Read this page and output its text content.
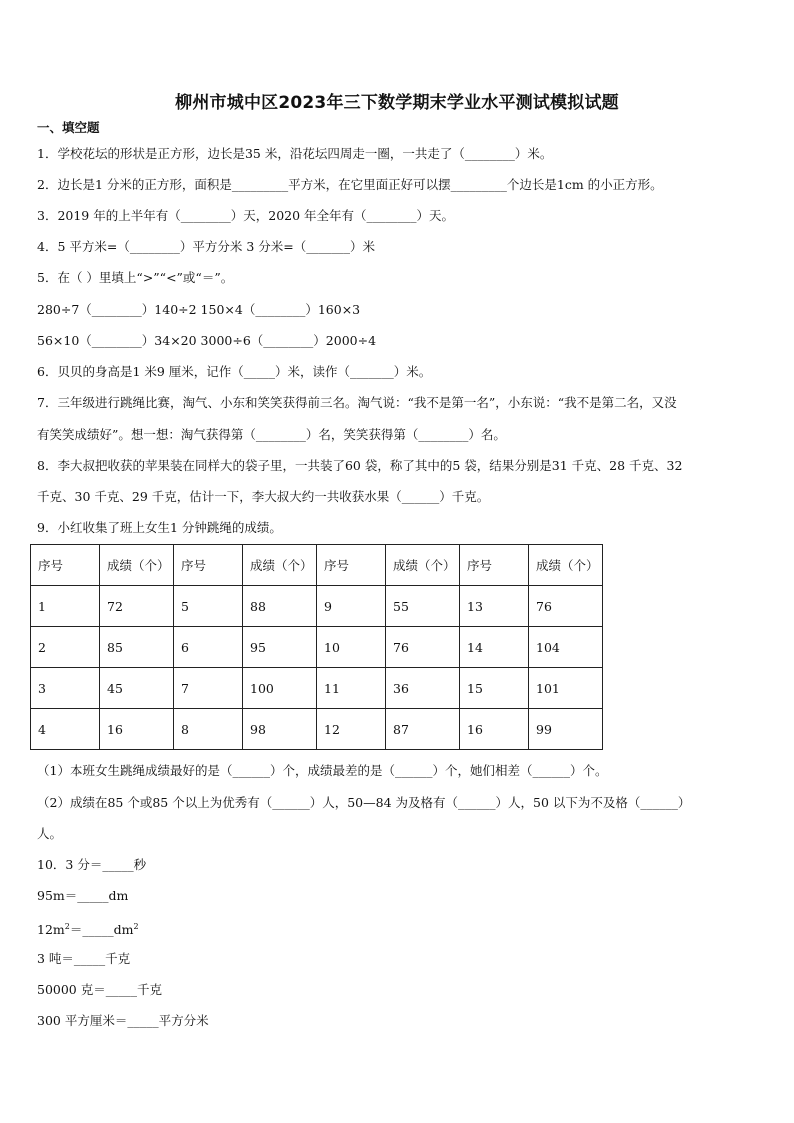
柳州市城中区2023年三下数学期末学业水平测试模拟试题
一、填空题
1．学校花坛的形状是正方形，边长是35 米，沿花坛四周走一圈，一共走了（________）米。
2．边长是1 分米的正方形，面积是_________平方米，在它里面正好可以摆_________个边长是1cm 的小正方形。
3．2019 年的上半年有（________）天，2020 年全年有（________）天。
4．5 平方米=（________）平方分米 3 分米=（_______）米
5．在（ ）里填上“>”“<”或“＝”。
280÷7（________）140÷2 150×4（________）160×3
56×10（________）34×20 3000÷6（________）2000÷4
6．贝贝的身高是1 米9 厘米，记作（_____）米，读作（_______）米。
7．三年级进行跳绳比赛，淘气、小东和笑笑获得前三名。淘气说：“我不是第一名”，小东说：“我不是第二名，又没
有笑笑成绩好”。想一想：淘气获得第（________）名，笑笑获得第（________）名。
8．李大叔把收获的苹果装在同样大的袋子里，一共装了60 袋，称了其中的5 袋，结果分别是31 千克、28 千克、32
千克、30 千克、29 千克，估计一下，李大叔大约一共收获水果（______）千克。
9．小红收集了班上女生1 分钟跳绳的成绩。
序号	成绩（个）	序号	成绩（个）	序号	成绩（个）	序号	成绩（个）
1	72	5	88	9	55	13	76
2	85	6	95	10	76	14	104
3	45	7	100	11	36	15	101
4	16	8	98	12	87	16	99
（1）本班女生跳绳成绩最好的是（______）个，成绩最差的是（______）个，她们相差（______）个。
（2）成绩在85 个或85 个以上为优秀有（______）人，50—84 为及格有（______）人，50 以下为不及格（______）
人。
10．3 分＝_____秒
95m＝_____dm
$12m^2=\_\_\_\_\_dm^2$
3 吨＝_____千克
50000 克＝_____千克
300 平方厘米＝_____平方分米
